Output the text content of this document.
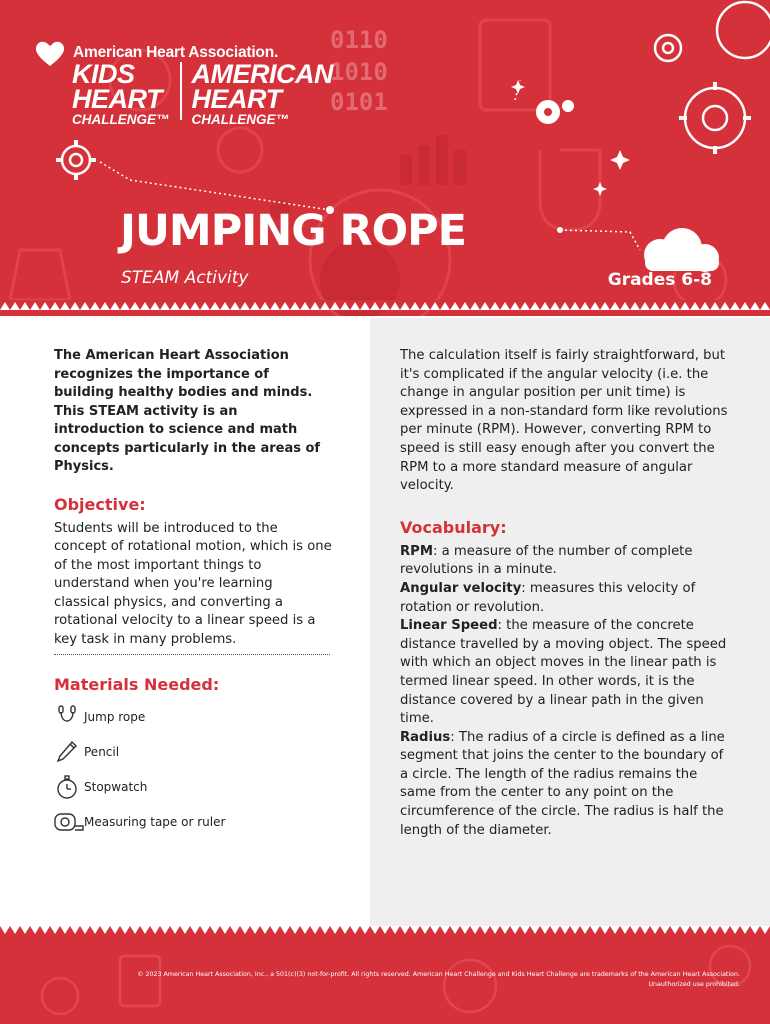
0110
1010
0101
American Heart Association.
KIDS
HEART
CHALLENGE™
AMERICAN
HEART
CHALLENGE™
JUMPING ROPE
STEAM Activity	Grades 6-8

The American Heart Association recognizes the importance of building healthy bodies and minds. This STEAM activity is an introduction to science and math concepts particularly in the areas of Physics.

Objective:

Students will be introduced to the concept of rotational motion, which is one of the most important things to understand when you're learning classical physics, and converting a rotational velocity to a linear speed is a key task in many problems.

Materials Needed:
Jump rope
Pencil
Stopwatch
Measuring tape or ruler

The calculation itself is fairly straightforward, but it's complicated if the angular velocity (i.e. the change in angular position per unit time) is expressed in a non-standard form like revolutions per minute (RPM). However, converting RPM to speed is still easy enough after you convert the RPM to a more standard measure of angular velocity.

Vocabulary:

RPM: a measure of the number of complete revolutions in a minute.

Angular velocity: measures this velocity of rotation or revolution.

Linear Speed: the measure of the concrete distance travelled by a moving object. The speed with which an object moves in the linear path is termed linear speed. In other words, it is the distance covered by a linear path in the given time.

Radius: The radius of a circle is defined as a line segment that joins the center to the boundary of a circle. The length of the radius remains the same from the center to any point on the circumference of the circle. The radius is half the length of the diameter.

© 2023 American Heart Association, Inc., a 501(c)(3) not-for-profit. All rights reserved. American Heart Challenge and Kids Heart Challenge are trademarks of the American Heart Association.
Unauthorized use prohibited.
